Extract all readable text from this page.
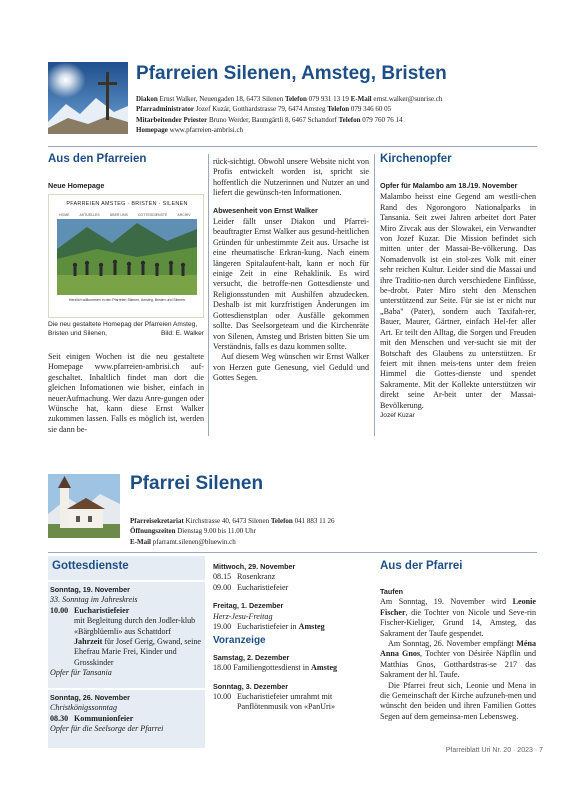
Pfarreien Silenen, Amsteg, Bristen
Diakon Ernst Walker, Neuengaden 18, 6473 Silenen Telefon 079 931 13 19 E-Mail ernst.walker@sunrise.ch
Pfarradministrator Jozef Kuzár, Gotthardstrasse 79, 6474 Amsteg Telefon 079 346 60 05
Mitarbeitender Priester Bruno Werder, Baumgärtli 8, 6467 Schattdorf Telefon 079 760 76 14
Homepage www.pfarreien-ambrisi.ch
Aus den Pfarreien
Neue Homepage
PFARREIEN AMSTEG · BRISTEN · SILENEN
HOME	AKTUELLES	ÜBER UNS	GOTTESDIENSTE	ARCHIV
Herzlich willkommen in den Pfarreien Silenen, Amsteg, Bristen und Silenen
Die neu gestaltete Homepag der Pfarreien Amsteg, Bristen und Silenen,	Bild: E. Walker

Seit einigen Wochen ist die neu gestaltete Homepage www.pfarreien-ambrisi.ch auf-geschaltet. Inhaltlich findet man dort die gleichen Infomationen wie bisher, einfach in neuerAufmachung. Wer dazu Anre-gungen oder Wünsche hat, kann diese Ernst Walker zukommen lassen. Falls es möglich ist, werden sie dann be-

rück-sichtigt. Obwohl unsere Website nicht von Profis entwickelt worden ist, spricht sie hoffentlich die Nutzerinnen und Nutzer an und liefert die gewünsch-ten Informationen.

Abwesenheit von Ernst Walker

Leider fällt unser Diakon und Pfarrei-beauftragter Ernst Walker aus gesund-heitlichen Gründen für unbestimmte Zeit aus. Ursache ist eine rheumatische Erkran-kung. Nach einem längeren Spitalaufent-halt, kann er noch für einige Zeit in eine Rehaklinik. Es wird versucht, die betroffe-nen Gottesdienste und Religionsstunden mit Aushilfen abzudecken. Deshalb ist mit kurzfristigen Änderungen im Gottesdienstplan oder Ausfälle gekommen sollte. Das Seelsorgeteam und die Kirchenräte von Silenen, Amsteg und Bristen bitten Sie um Verständnis, falls es dazu kommen sollte.

Auf diesem Weg wünschen wir Ernst Walker von Herzen gute Genesung, viel Geduld und Gottes Segen.

Kirchenopfer

Opfer für Malambo am 18./19. November

Malambo heisst eine Gegend am westli-chen Rand des Ngorongoro Nationalparks in Tansania. Seit zwei Jahren arbeitet dort Pater Miro Zivcak aus der Slowakei, ein Verwandter von Jozef Kuzar. Die Mission befindet sich mitten unter der Massai-Be-völkerung. Das Nomadenvolk ist ein stol-zes Volk mit einer sehr reichen Kultur. Leider sind die Massai und ihre Traditio-nen durch verschiedene Einflüsse, be-drobt. Pater Miro steht den Menschen unterstützend zur Seite. Für sie ist er nicht nur „Baba" (Pater), sondern auch Taxifah-rer, Bauer, Maurer, Gärtner, einfach Hel-fer aller Art. Er teilt den Alltag, die Sorgen und Freuden mit den Menschen und ver-sucht sie mit der Botschaft des Glaubens zu unterstützen. Er feiert mit ihnen meis-tens unter dem freien Himmel die Gottes-dienste und spendet Sakramente. Mit der Kollekte unterstützen wir direkt seine Ar-beit unter der Massai-Bevölkerung.

Jozef Kuzar

Pfarrei Silenen
Pfarreisekretariat Kirchstrasse 40, 6473 Silenen Telefon 041 883 11 26
Öffnungszeiten Dienstag 9.00 bis 11.00 Uhr
E-Mail pfarramt.silenen@bluewin.ch
Gottesdienste
Sonntag, 19. November
33. Sonntag im Jahreskreis
10.00 Eucharistiefeier
mit Begleitung durch den Jodler-klub «Bärgblüemli» aus Schattdorf
Jahrzeit für Josef Gerig, Gwand, seine Ehefrau Marie Frei, Kinder und Grosskinder
Opfer für Tansania
Sonntag, 26. November
Christkönigssonntag
08.30 Kommunionfeier
Opfer für die Seelsorge der Pfarrei
Mittwoch, 29. November
08.15 Rosenkranz
09.00 Eucharistiefeier
Freitag, 1. Dezember
Herz-Jesu-Freitag
19.00 Eucharistiefeier in Amsteg
Voranzeige
Samstag, 2. Dezember
18.00 Familiengottesdienst in Amsteg
Sonntag, 3. Dezember
10.00 Eucharistiefeier umrahmt mit Panflötenmusik von «PanUri»
Aus der Pfarrei

Taufen

Am Sonntag, 19. November wird Leonie Fischer, die Tochter von Nicole und Seve-rin Fischer-Kieliger, Grund 14, Amsteg, das Sakrament der Taufe gespendet.

Am Sonntag, 26. November empfängt Ména Anna Gnos, Tochter von Désirée Näpflin und Matthias Gnos, Gotthardstras-se 217 das Sakrament der hl. Taufe.

Die Pfarrei freut sich, Leonie und Mena in die Gemeinschaft der Kirche aufzuneh-men und wünscht den beiden und ihren Familien Gottes Segen auf dem gemeinsa-men Lebensweg.

Pfarreiblatt Uri Nr. 20 · 2023 · 7
